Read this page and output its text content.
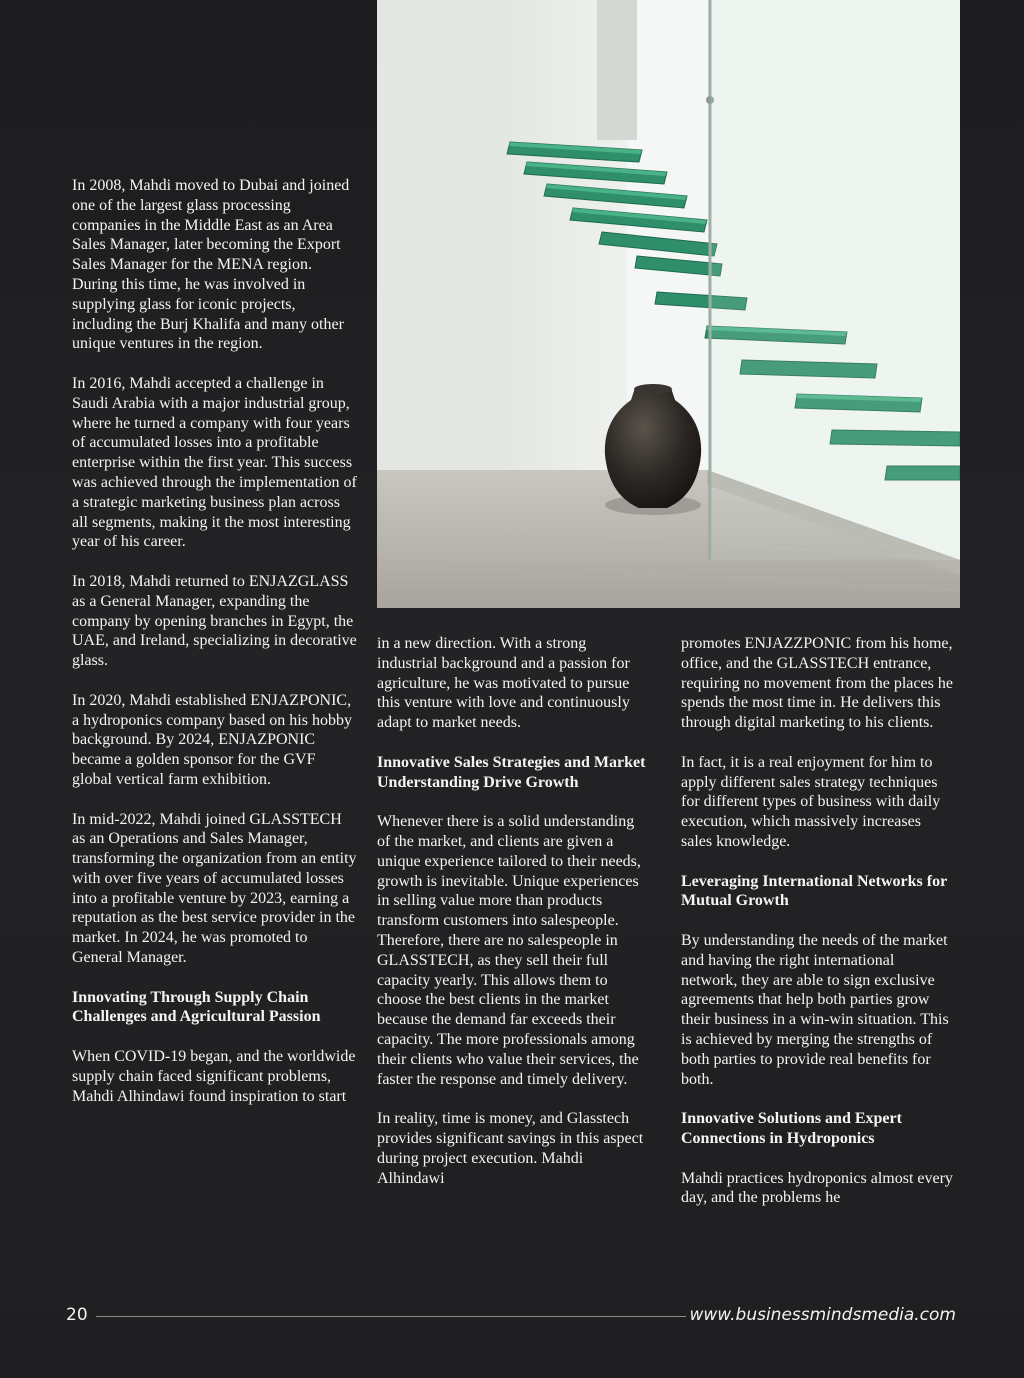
In 2008, Mahdi moved to Dubai and joined one of the largest glass processing companies in the Middle East as an Area Sales Manager, later becoming the Export Sales Manager for the MENA region. During this time, he was involved in supplying glass for iconic projects, including the Burj Khalifa and many other unique ventures in the region.

In 2016, Mahdi accepted a challenge in Saudi Arabia with a major industrial group, where he turned a company with four years of accumulated losses into a profitable enterprise within the first year. This success was achieved through the implementation of a strategic marketing business plan across all segments, making it the most interesting year of his career.

In 2018, Mahdi returned to ENJAZGLASS as a General Manager, expanding the company by opening branches in Egypt, the UAE, and Ireland, specializing in decorative glass.

In 2020, Mahdi established ENJAZPONIC, a hydroponics company based on his hobby background. By 2024, ENJAZPONIC became a golden sponsor for the GVF global vertical farm exhibition.

In mid-2022, Mahdi joined GLASSTECH as an Operations and Sales Manager, transforming the organization from an entity with over five years of accumulated losses into a profitable venture by 2023, earning a reputation as the best service provider in the market. In 2024, he was promoted to General Manager.

Innovating Through Supply Chain Challenges and Agricultural Passion

When COVID-19 began, and the worldwide supply chain faced significant problems, Mahdi Alhindawi found inspiration to start

in a new direction. With a strong industrial background and a passion for agriculture, he was motivated to pursue this venture with love and continuously adapt to market needs.

Innovative Sales Strategies and Market Understanding Drive Growth

Whenever there is a solid understanding of the market, and clients are given a unique experience tailored to their needs, growth is inevitable. Unique experiences in selling value more than products transform customers into salespeople. Therefore, there are no salespeople in GLASSTECH, as they sell their full capacity yearly. This allows them to choose the best clients in the market because the demand far exceeds their capacity. The more professionals among their clients who value their services, the faster the response and timely delivery.

In reality, time is money, and Glasstech provides significant savings in this aspect during project execution. Mahdi Alhindawi

promotes ENJAZZPONIC from his home, office, and the GLASSTECH entrance, requiring no movement from the places he spends the most time in. He delivers this through digital marketing to his clients.

In fact, it is a real enjoyment for him to apply different sales strategy techniques for different types of business with daily execution, which massively increases sales knowledge.

Leveraging International Networks for Mutual Growth

By understanding the needs of the market and having the right international network, they are able to sign exclusive agreements that help both parties grow their business in a win-win situation. This is achieved by merging the strengths of both parties to provide real benefits for both.

Innovative Solutions and Expert Connections in Hydroponics

Mahdi practices hydroponics almost every day, and the problems he

20	www.businessmindsmedia.com
